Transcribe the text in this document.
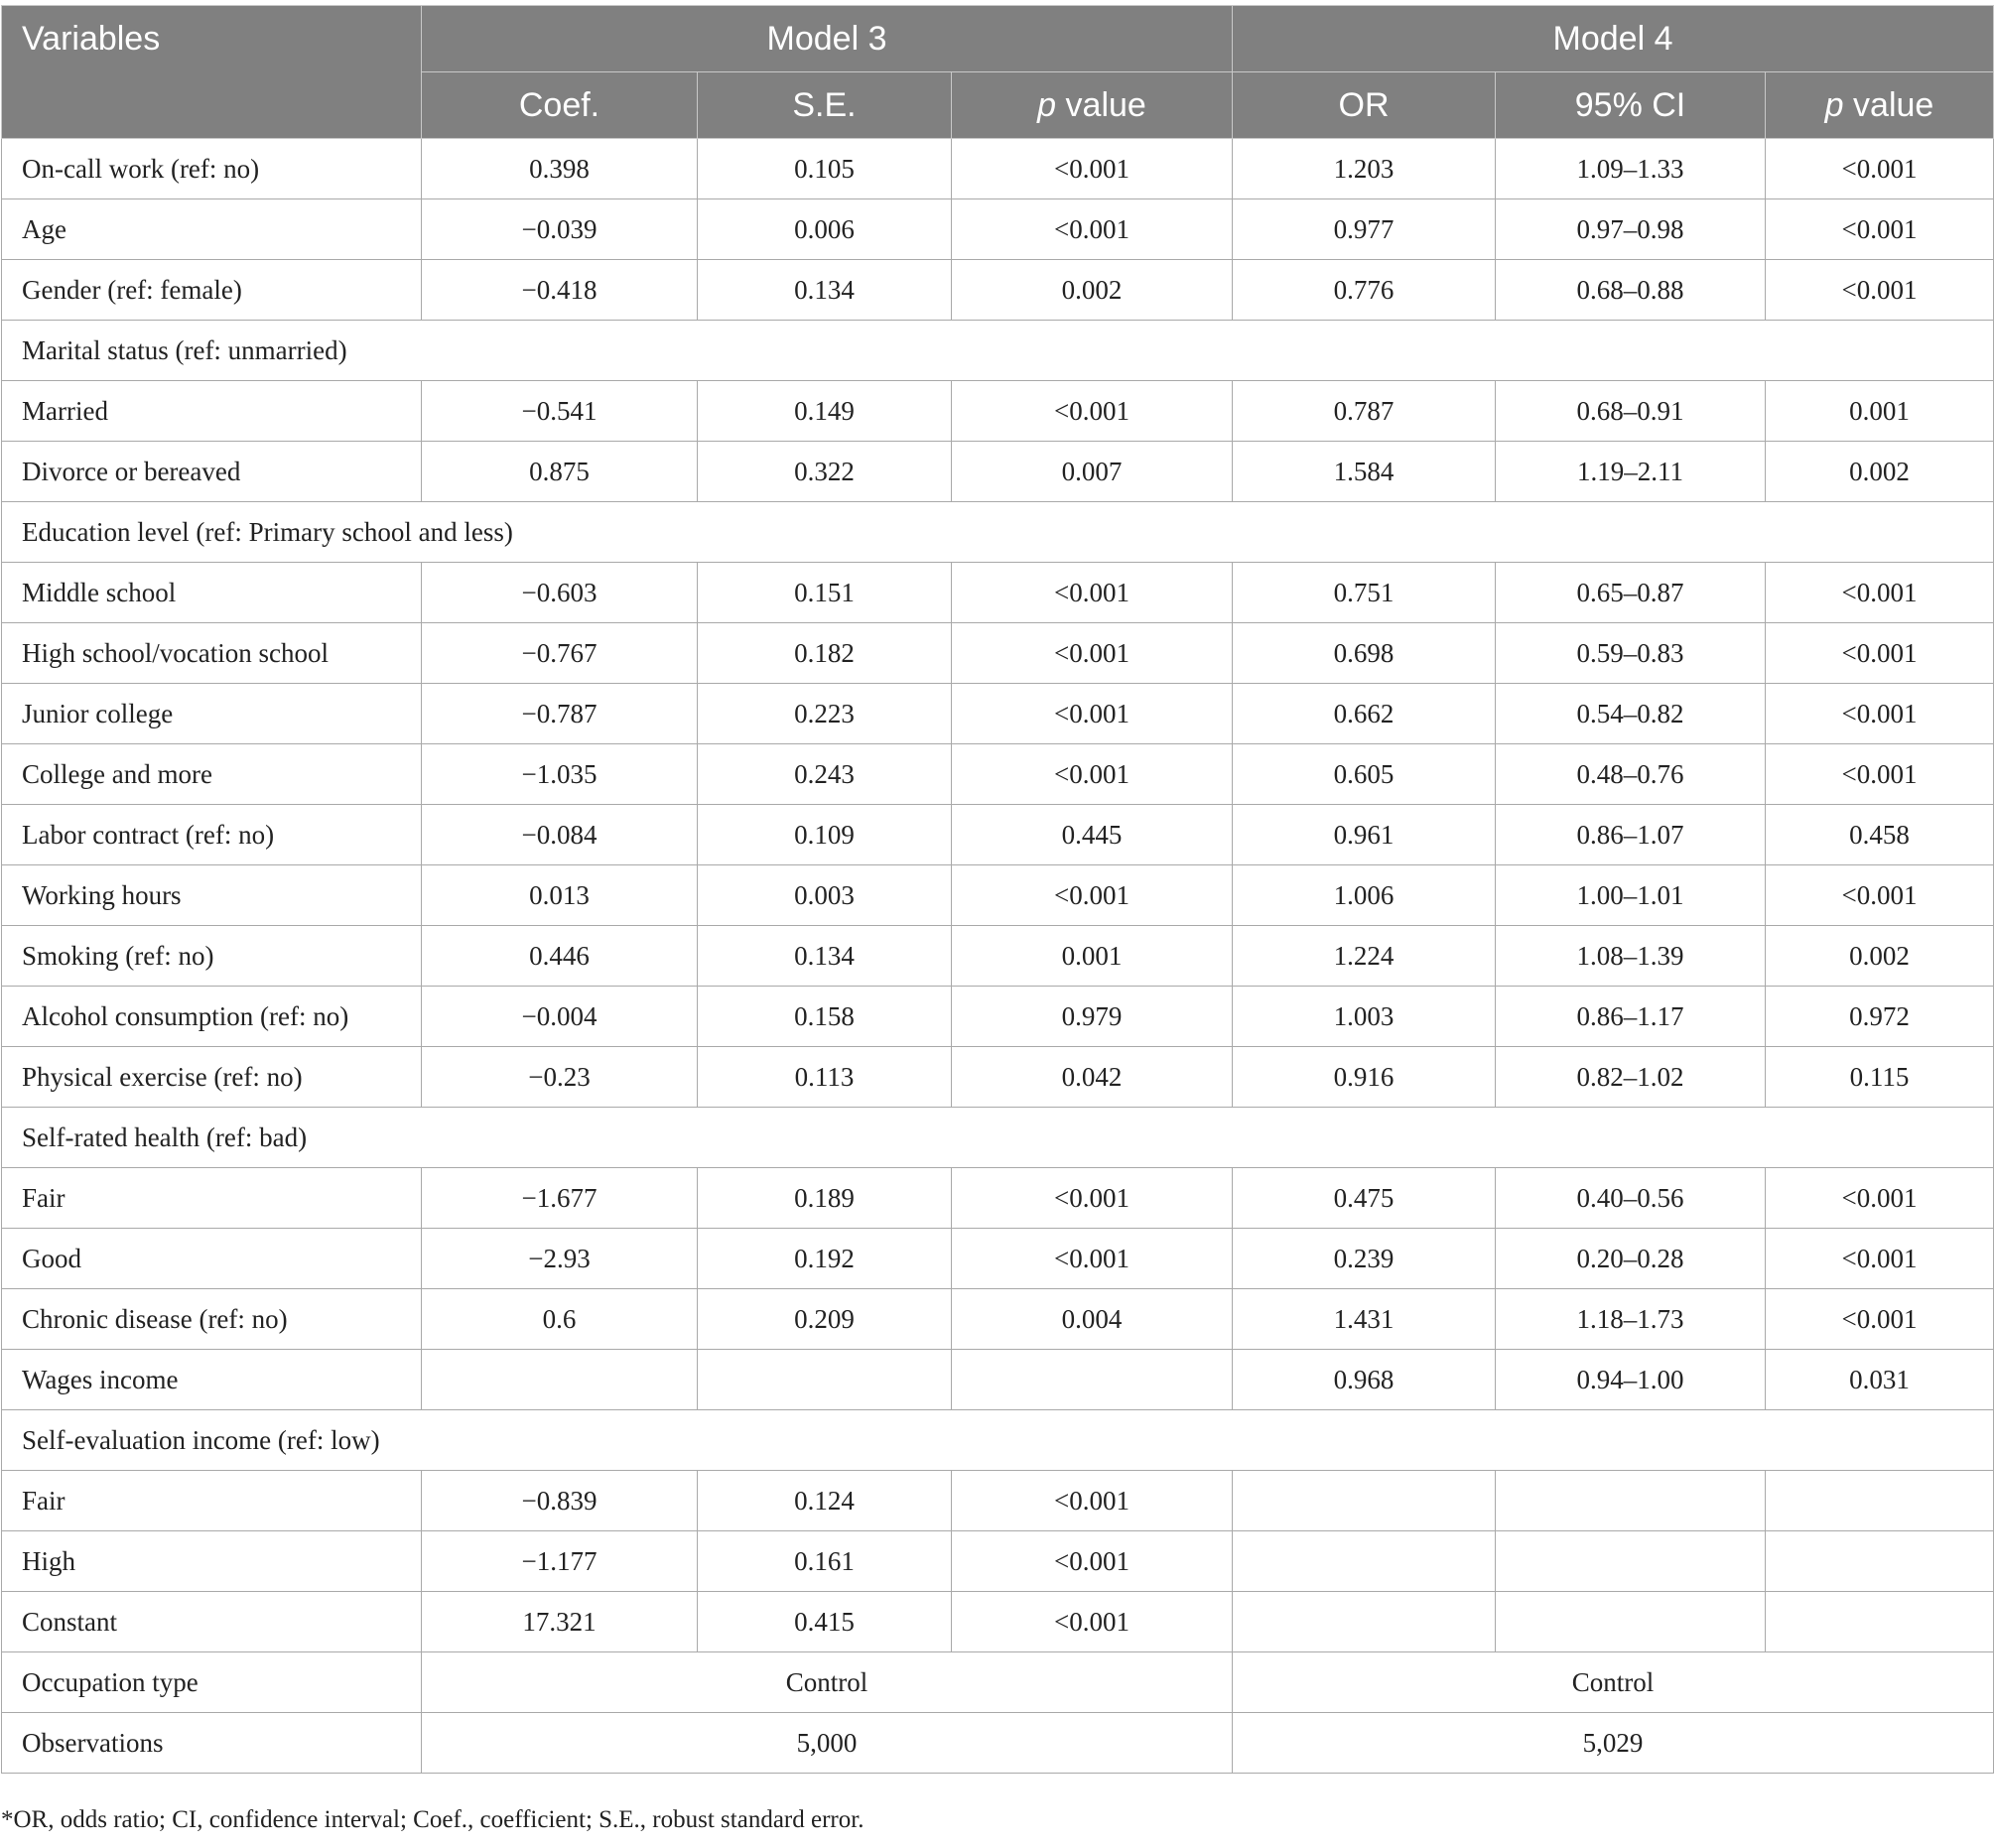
Variables	Model 3			Model 4		
	Coef.	S.E.	p value	OR	95% CI	p value
On-call work (ref: no)	0.398	0.105	<0.001	1.203	1.09–1.33	<0.001
Age	−0.039	0.006	<0.001	0.977	0.97–0.98	<0.001
Gender (ref: female)	−0.418	0.134	0.002	0.776	0.68–0.88	<0.001
Marital status (ref: unmarried)						
Married	−0.541	0.149	<0.001	0.787	0.68–0.91	0.001
Divorce or bereaved	0.875	0.322	0.007	1.584	1.19–2.11	0.002
Education level (ref: Primary school and less)						
Middle school	−0.603	0.151	<0.001	0.751	0.65–0.87	<0.001
High school/vocation school	−0.767	0.182	<0.001	0.698	0.59–0.83	<0.001
Junior college	−0.787	0.223	<0.001	0.662	0.54–0.82	<0.001
College and more	−1.035	0.243	<0.001	0.605	0.48–0.76	<0.001
Labor contract (ref: no)	−0.084	0.109	0.445	0.961	0.86–1.07	0.458
Working hours	0.013	0.003	<0.001	1.006	1.00–1.01	<0.001
Smoking (ref: no)	0.446	0.134	0.001	1.224	1.08–1.39	0.002
Alcohol consumption (ref: no)	−0.004	0.158	0.979	1.003	0.86–1.17	0.972
Physical exercise (ref: no)	−0.23	0.113	0.042	0.916	0.82–1.02	0.115
Self-rated health (ref: bad)						
Fair	−1.677	0.189	<0.001	0.475	0.40–0.56	<0.001
Good	−2.93	0.192	<0.001	0.239	0.20–0.28	<0.001
Chronic disease (ref: no)	0.6	0.209	0.004	1.431	1.18–1.73	<0.001
Wages income				0.968	0.94–1.00	0.031
Self-evaluation income (ref: low)						
Fair	−0.839	0.124	<0.001			
High	−1.177	0.161	<0.001			
Constant	17.321	0.415	<0.001			
Occupation type	Control			Control		
Observations	5,000			5,029		
*OR, odds ratio; CI, confidence interval; Coef., coefficient; S.E., robust standard error.
